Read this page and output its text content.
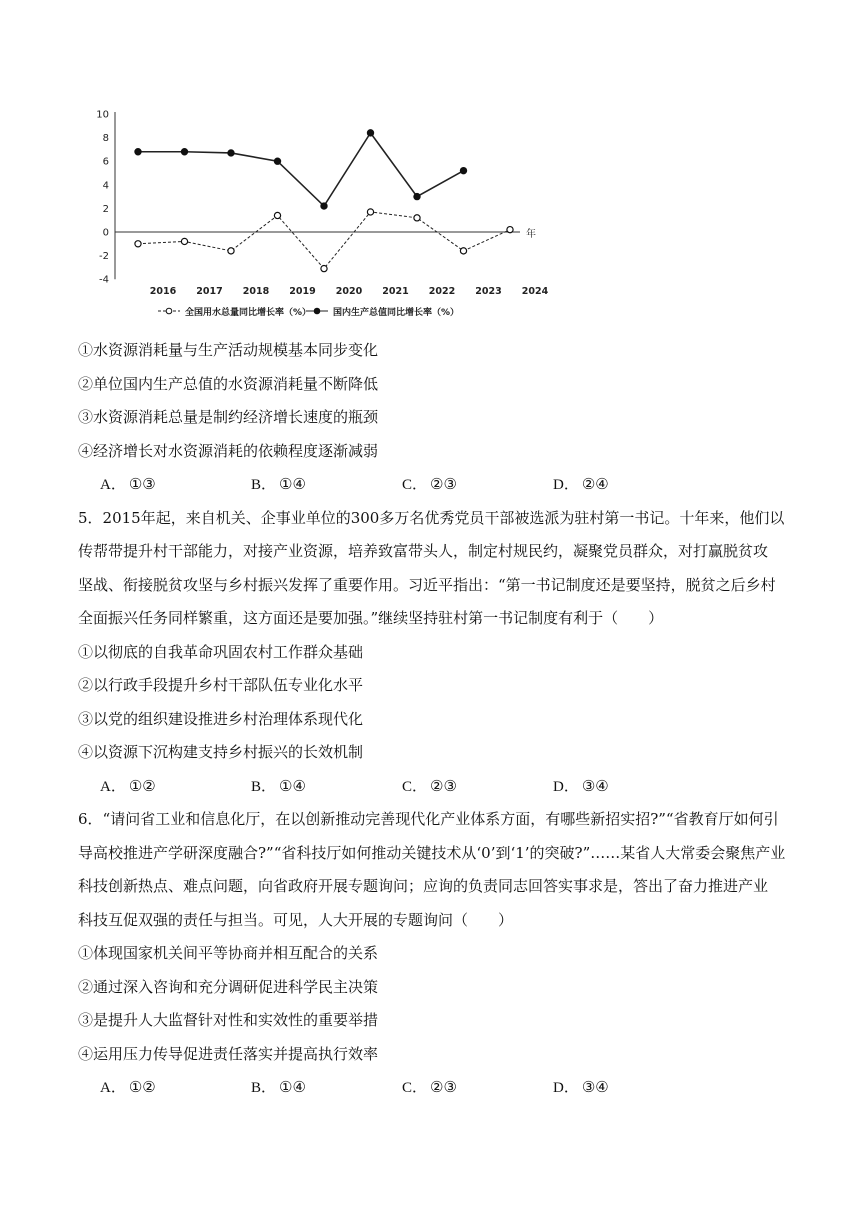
年
10
8
6
4
2
0
-2
-4
2016 2017 2018 2019 2020 2021 2022 2023 2024
全国用水总量同比增长率（%） 国内生产总值同比增长率（%）
①水资源消耗量与生产活动规模基本同步变化
②单位国内生产总值的水资源消耗量不断降低
③水资源消耗总量是制约经济增长速度的瓶颈
④经济增长对水资源消耗的依赖程度逐渐减弱
A． ①③	B． ①④	C． ②③	D． ②④
5．2015年起，来自机关、企事业单位的300多万名优秀党员干部被选派为驻村第一书记。十年来，他们以
传帮带提升村干部能力，对接产业资源，培养致富带头人，制定村规民约，凝聚党员群众，对打赢脱贫攻
坚战、衔接脱贫攻坚与乡村振兴发挥了重要作用。习近平指出：“第一书记制度还是要坚持，脱贫之后乡村
全面振兴任务同样繁重，这方面还是要加强。”继续坚持驻村第一书记制度有利于（　　）
①以彻底的自我革命巩固农村工作群众基础
②以行政手段提升乡村干部队伍专业化水平
③以党的组织建设推进乡村治理体系现代化
④以资源下沉构建支持乡村振兴的长效机制
A． ①②	B． ①④	C． ②③	D． ③④
6．“请问省工业和信息化厅，在以创新推动完善现代化产业体系方面，有哪些新招实招?”“省教育厅如何引
导高校推进产学研深度融合?”“省科技厅如何推动关键技术从‘0’到‘1’的突破?”……某省人大常委会聚焦产业
科技创新热点、难点问题，向省政府开展专题询问；应询的负责同志回答实事求是，答出了奋力推进产业
科技互促双强的责任与担当。可见，人大开展的专题询问（　　）
①体现国家机关间平等协商并相互配合的关系
②通过深入咨询和充分调研促进科学民主决策
③是提升人大监督针对性和实效性的重要举措
④运用压力传导促进责任落实并提高执行效率
A． ①②	B． ①④	C． ②③	D． ③④
